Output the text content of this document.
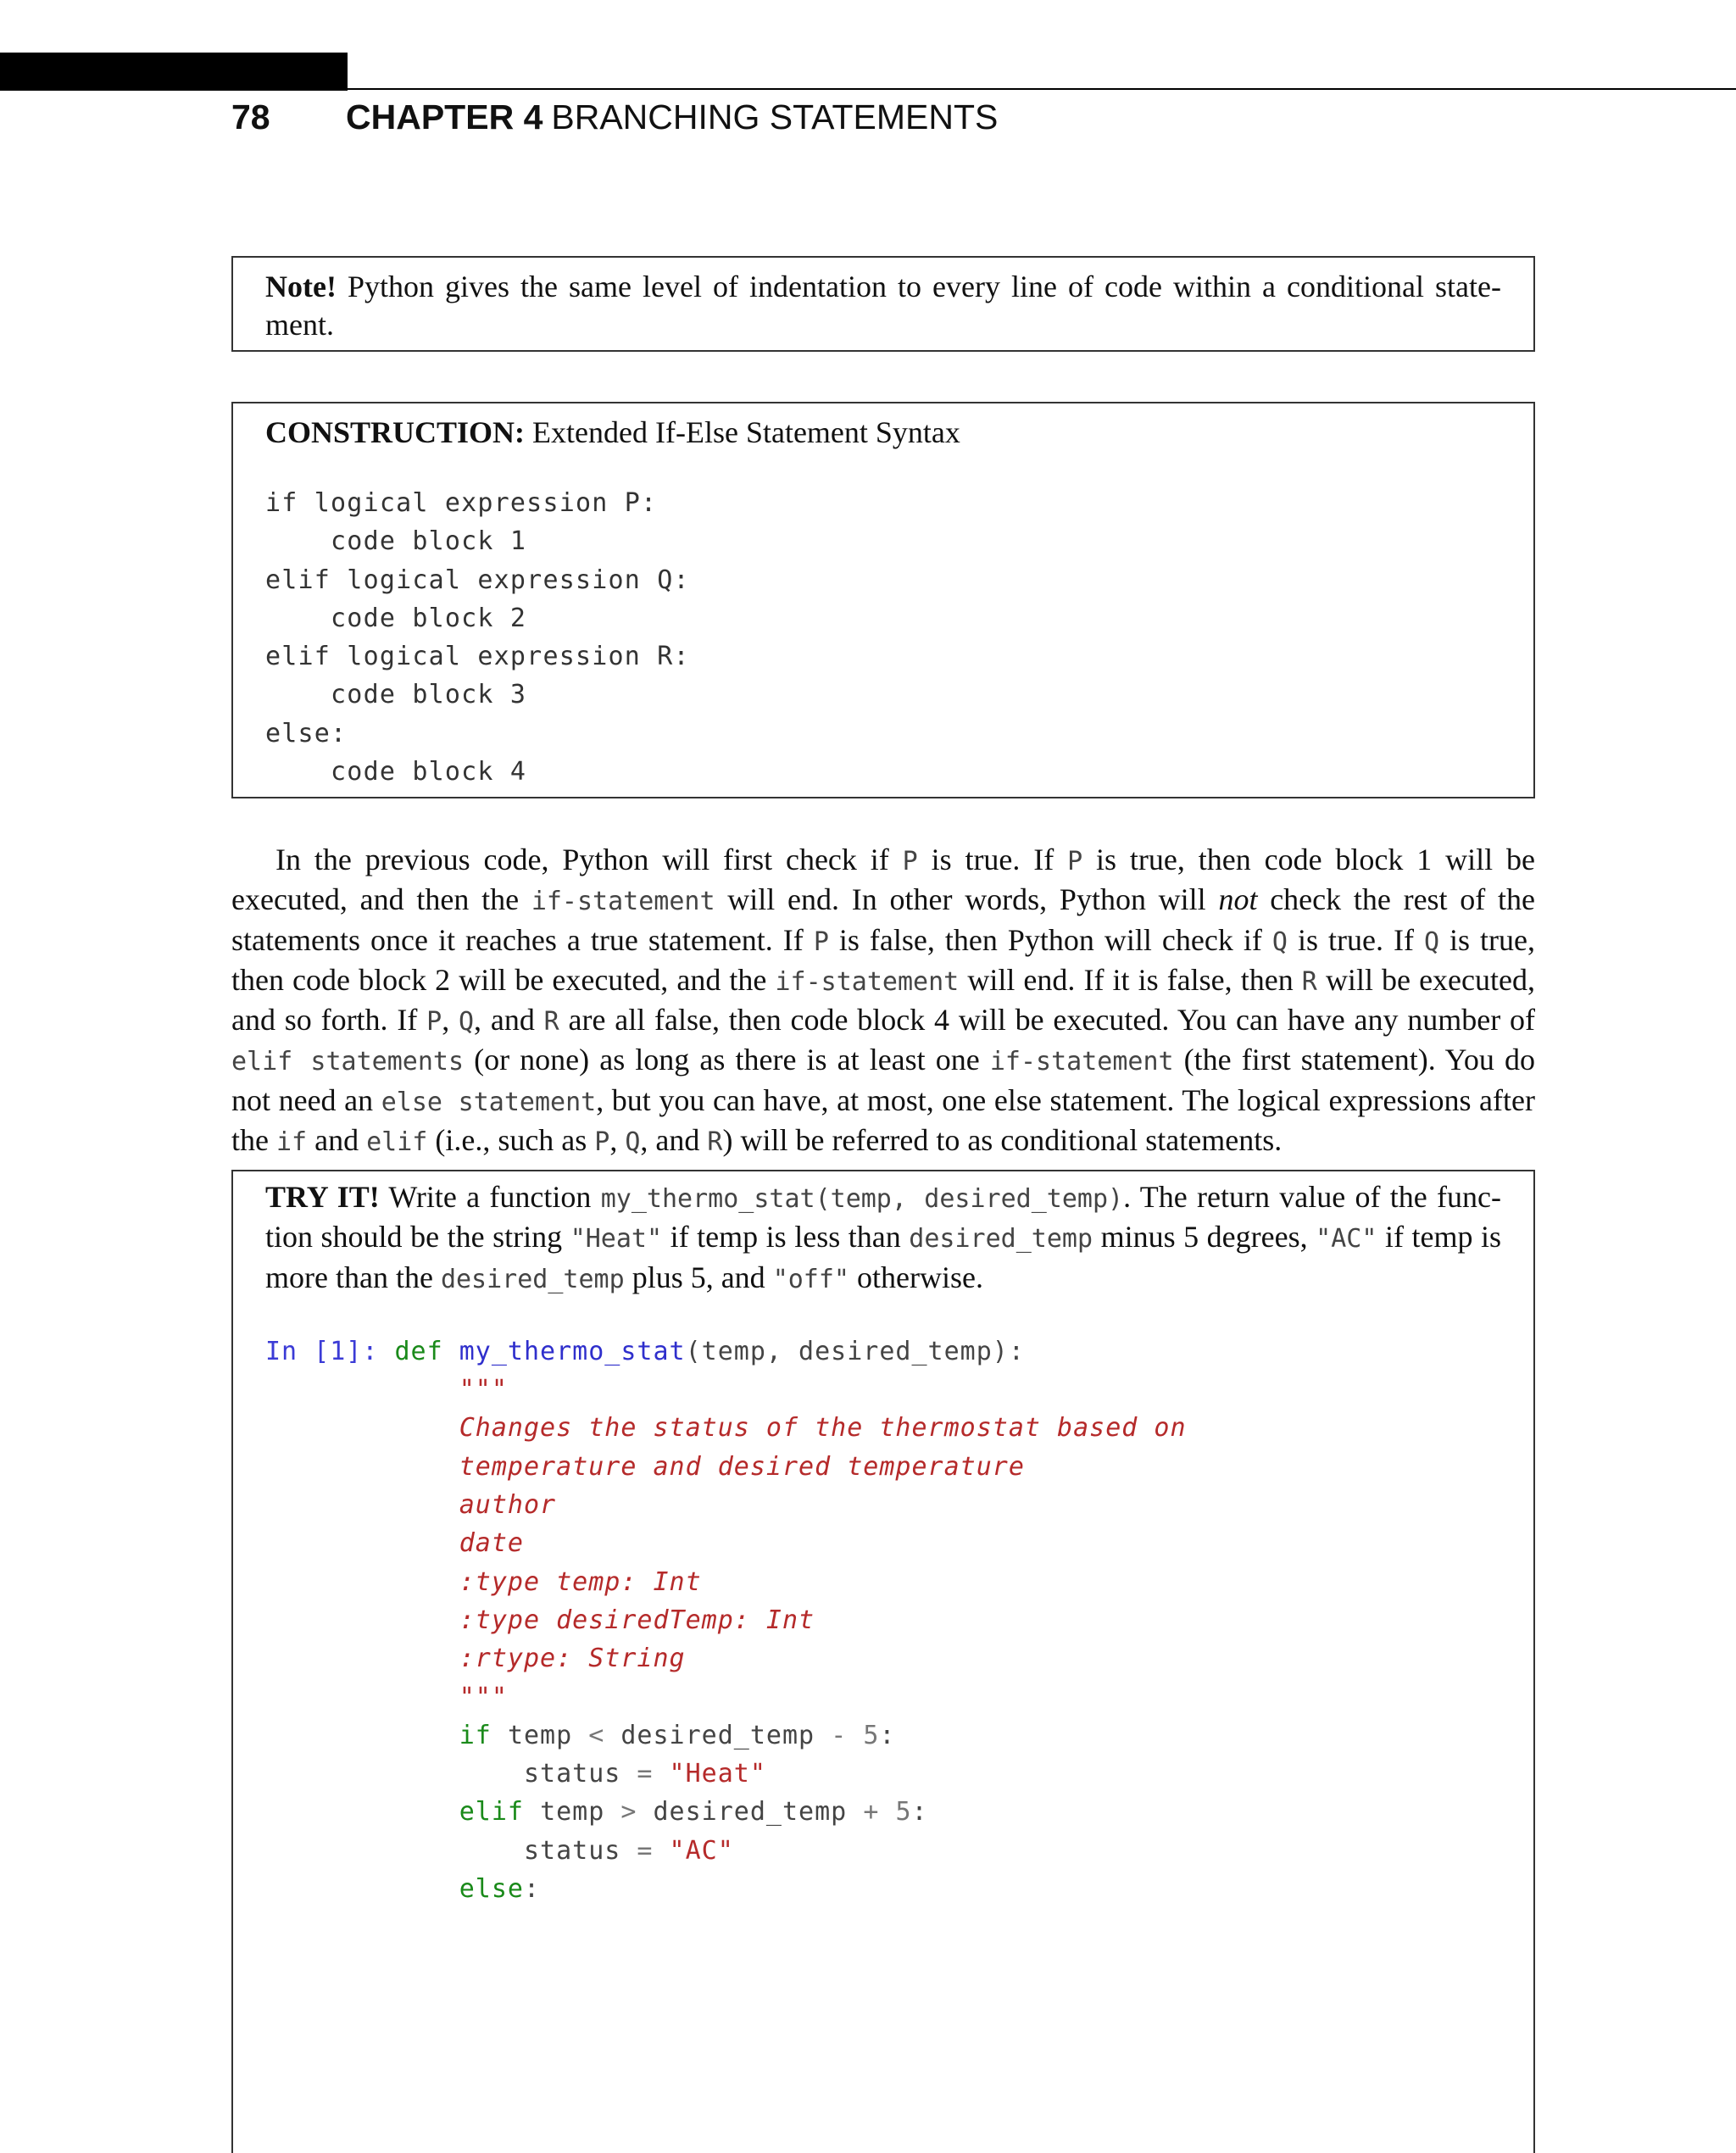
78 CHAPTER 4 BRANCHING STATEMENTS
Note! Python gives the same level of indentation to every line of code within a conditional state-ment.
CONSTRUCTION: Extended If-Else Statement Syntax
if logical expression P:
code block 1
elif logical expression Q:
code block 2
elif logical expression R:
code block 3
else:
code block 4
In the previous code, Python will first check if P is true. If P is true, then code block 1 will be executed, and then the if-statement will end. In other words, Python will not check the rest of the statements once it reaches a true statement. If P is false, then Python will check if Q is true. If Q is true, then code block 2 will be executed, and the if-statement will end. If it is false, then R will be executed, and so forth. If P, Q, and R are all false, then code block 4 will be executed. You can have any number of elif statements (or none) as long as there is at least one if-statement (the first statement). You do not need an else statement, but you can have, at most, one else statement. The logical expressions after the if and elif (i.e., such as P, Q, and R) will be referred to as conditional statements.
TRY IT! Write a function my_thermo_stat(temp, desired_temp). The return value of the func-tion should be the string "Heat" if temp is less than desired_temp minus 5 degrees, "AC" if temp is more than the desired_temp plus 5, and "off" otherwise.
In [1]: def my_thermo_stat(temp, desired_temp):
"""
Changes the status of the thermostat based on
temperature and desired temperature
author
date
:type temp: Int
:type desiredTemp: Int
:rtype: String
"""
if temp < desired_temp - 5:
status = "Heat"
elif temp > desired_temp + 5:
status = "AC"
else:
